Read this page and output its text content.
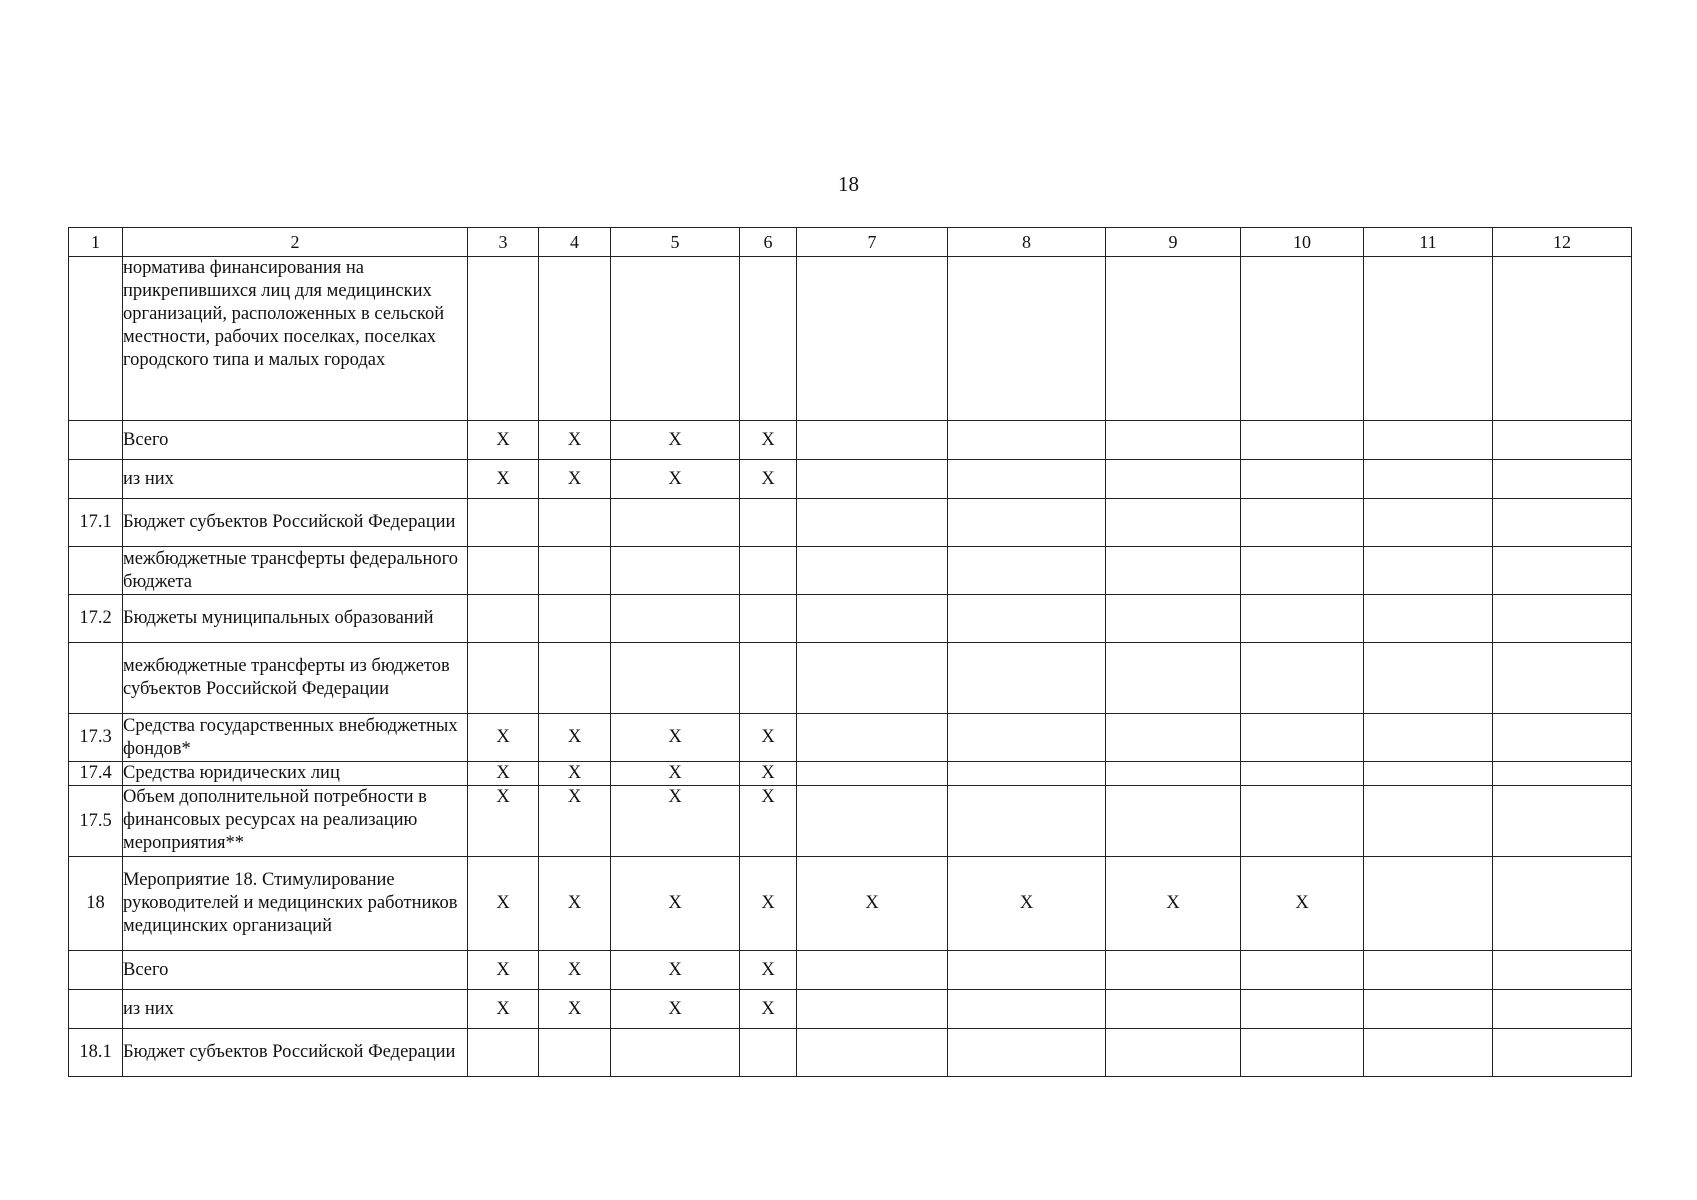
18
1	2	3	4	5	6	7	8	9	10	11	12
	норматива финансирования на прикрепившихся лиц для медицинских организаций, расположенных в сельской местности, рабочих поселках, поселках городского типа и малых городах										
	Всего	X	X	X	X						
	из них	X	X	X	X						
17.1	Бюджет субъектов Российской Федерации										
	межбюджетные трансферты федерального бюджета										
17.2	Бюджеты муниципальных образований										
	межбюджетные трансферты из бюджетов субъектов Российской Федерации										
17.3	Средства государственных внебюджетных фондов*	X	X	X	X						
17.4	Средства юридических лиц	X	X	X	X						
17.5	Объем дополнительной потребности в финансовых ресурсах на реализацию мероприятия**	X	X	X	X						
18	Мероприятие 18. Стимулирование руководителей и медицинских работников медицинских организаций	X	X	X	X	X	X	X	X		
	Всего	X	X	X	X						
	из них	X	X	X	X						
18.1	Бюджет субъектов Российской Федерации										
